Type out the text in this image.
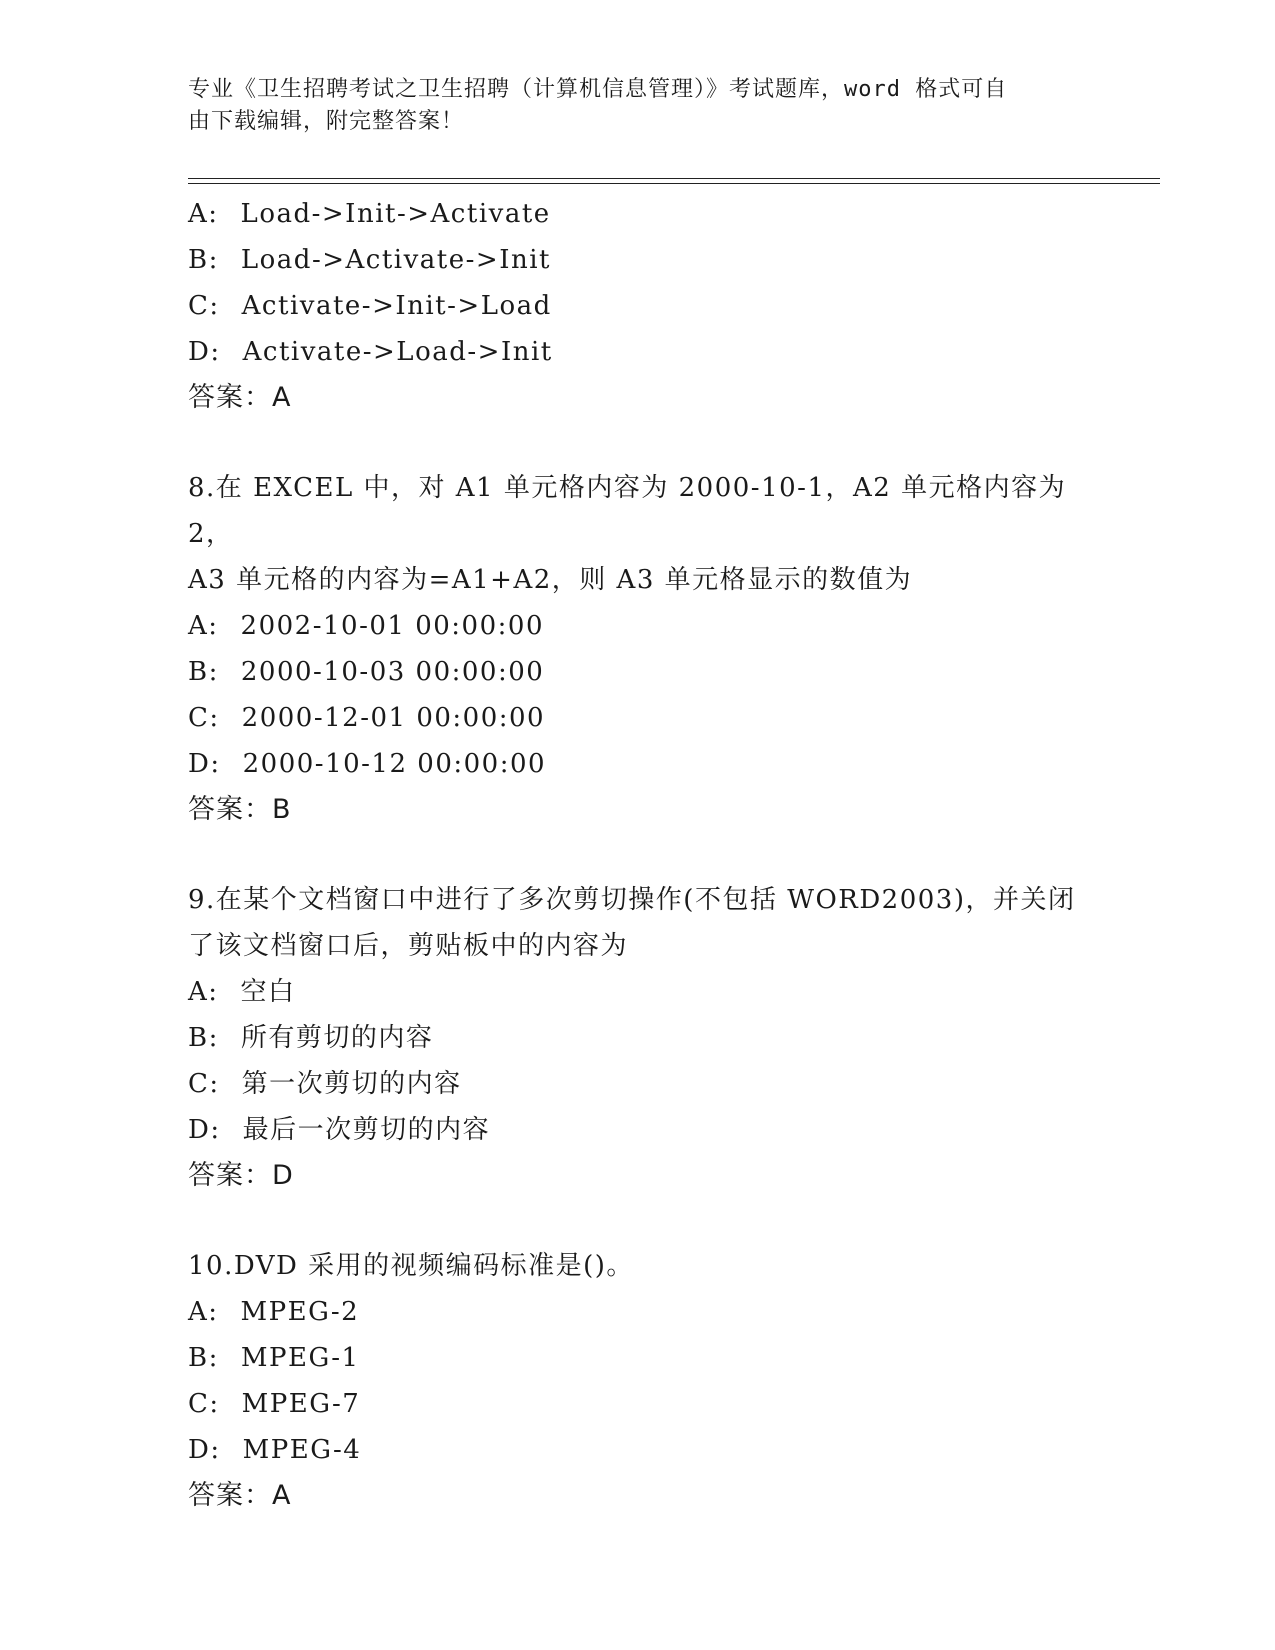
专业《卫生招聘考试之卫生招聘（计算机信息管理）》考试题库，word 格式可自
由下载编辑，附完整答案！
A: Load->Init->Activate
B: Load->Activate->Init
C: Activate->Init->Load
D: Activate->Load->Init
答案：A
8.在 EXCEL 中，对 A1 单元格内容为 2000-10-1，A2 单元格内容为 2，
A3 单元格的内容为=A1+A2，则 A3 单元格显示的数值为
A: 2002-10-01 00:00:00
B: 2000-10-03 00:00:00
C: 2000-12-01 00:00:00
D: 2000-10-12 00:00:00
答案：B
9.在某个文档窗口中进行了多次剪切操作(不包括 WORD2003)，并关闭
了该文档窗口后，剪贴板中的内容为
A: 空白
B: 所有剪切的内容
C: 第一次剪切的内容
D: 最后一次剪切的内容
答案：D
10.DVD 采用的视频编码标准是()。
A: MPEG-2
B: MPEG-1
C: MPEG-7
D: MPEG-4
答案：A
